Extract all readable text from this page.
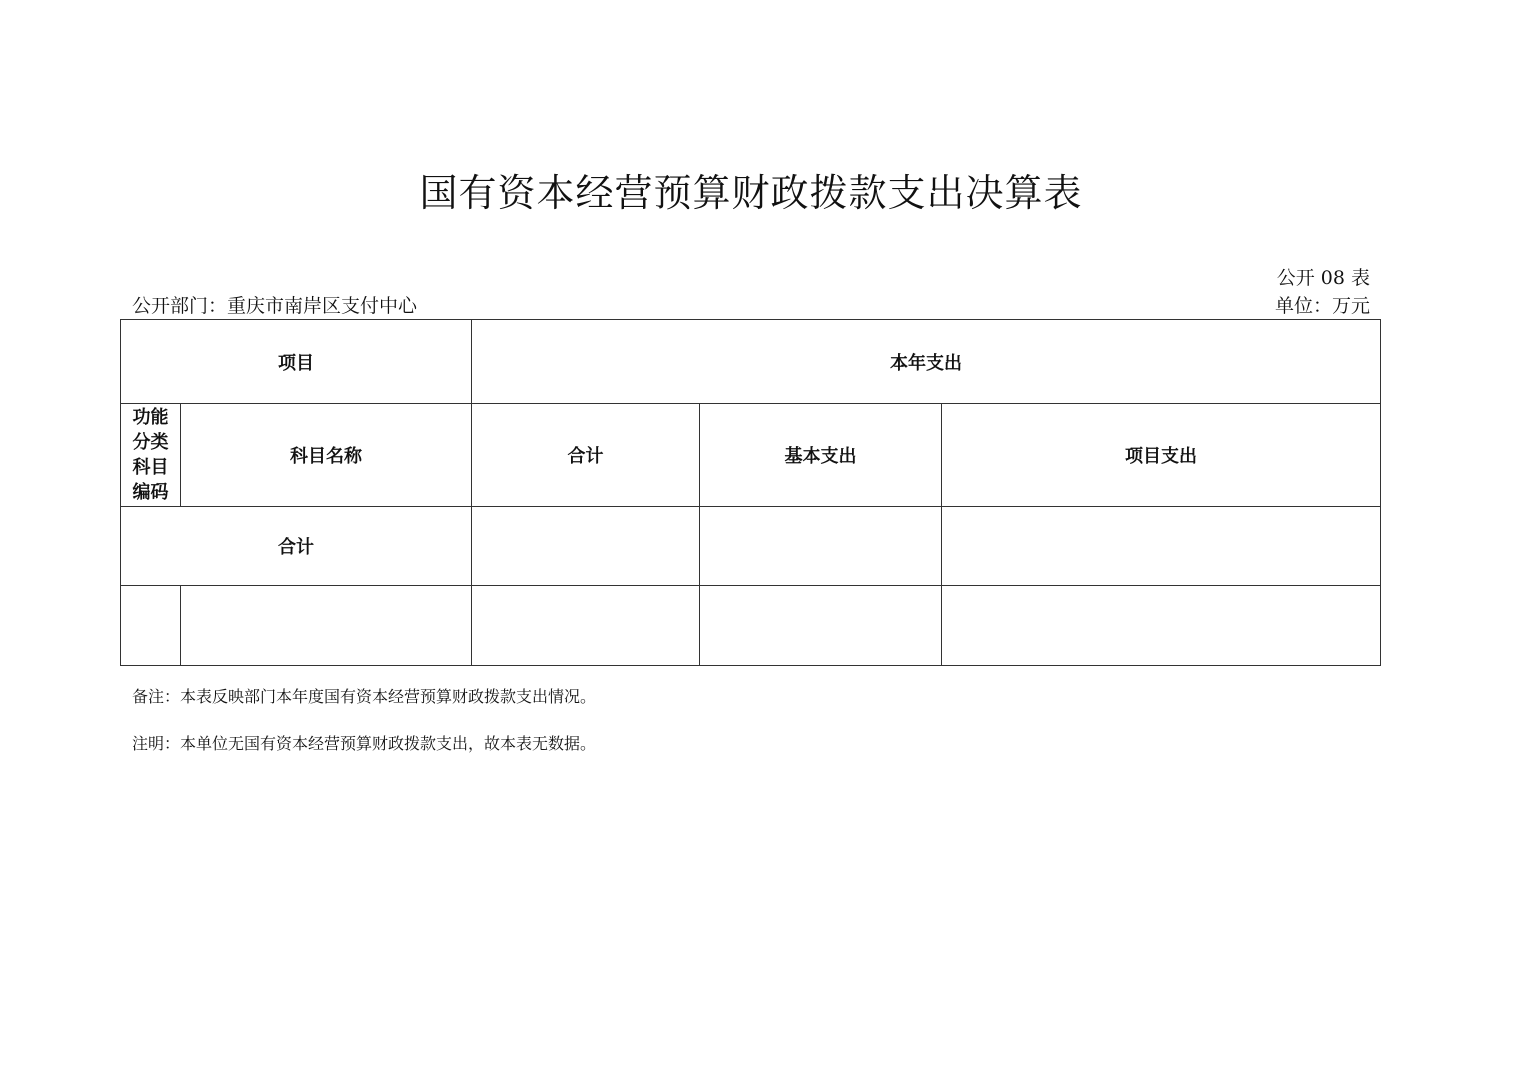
国有资本经营预算财政拨款支出决算表
公开 08 表
公开部门：重庆市南岸区支付中心	单位：万元
项目		本年支出		

功能
分类
科目
编码	科目名称	合计	基本支出	项目支出
合计				

备注：本表反映部门本年度国有资本经营预算财政拨款支出情况。
注明：本单位无国有资本经营预算财政拨款支出，故本表无数据。
